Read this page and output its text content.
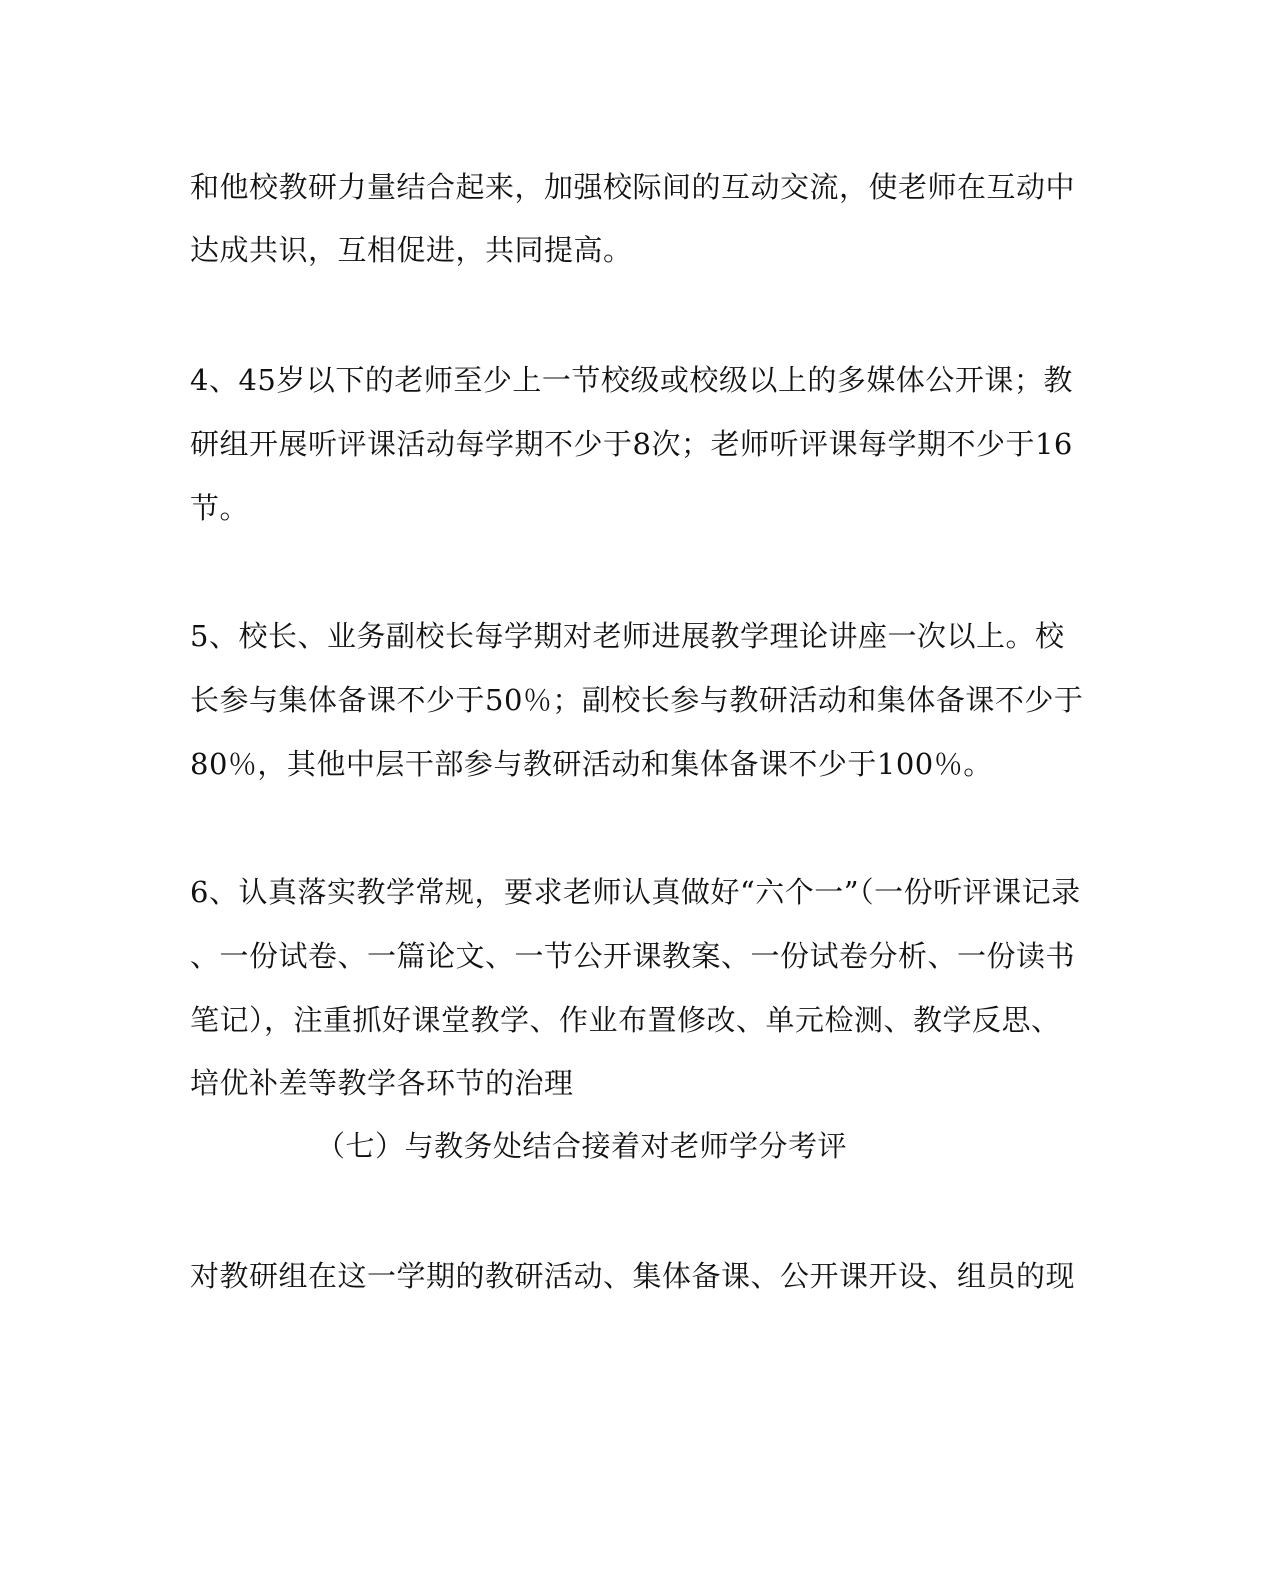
和他校教研力量结合起来，加强校际间的互动交流，使老师在互动中
达成共识，互相促进，共同提高。
4、45岁以下的老师至少上一节校级或校级以上的多媒体公开课；教
研组开展听评课活动每学期不少于8次；老师听评课每学期不少于16
节。
5、校长、业务副校长每学期对老师进展教学理论讲座一次以上。校
长参与集体备课不少于50％；副校长参与教研活动和集体备课不少于
80％，其他中层干部参与教研活动和集体备课不少于100％。
6、认真落实教学常规，要求老师认真做好“六个一”（一份听评课记录
、一份试卷、一篇论文、一节公开课教案、一份试卷分析、一份读书
笔记），注重抓好课堂教学、作业布置修改、单元检测、教学反思、
培优补差等教学各环节的治理
（七）与教务处结合接着对老师学分考评
对教研组在这一学期的教研活动、集体备课、公开课开设、组员的现
